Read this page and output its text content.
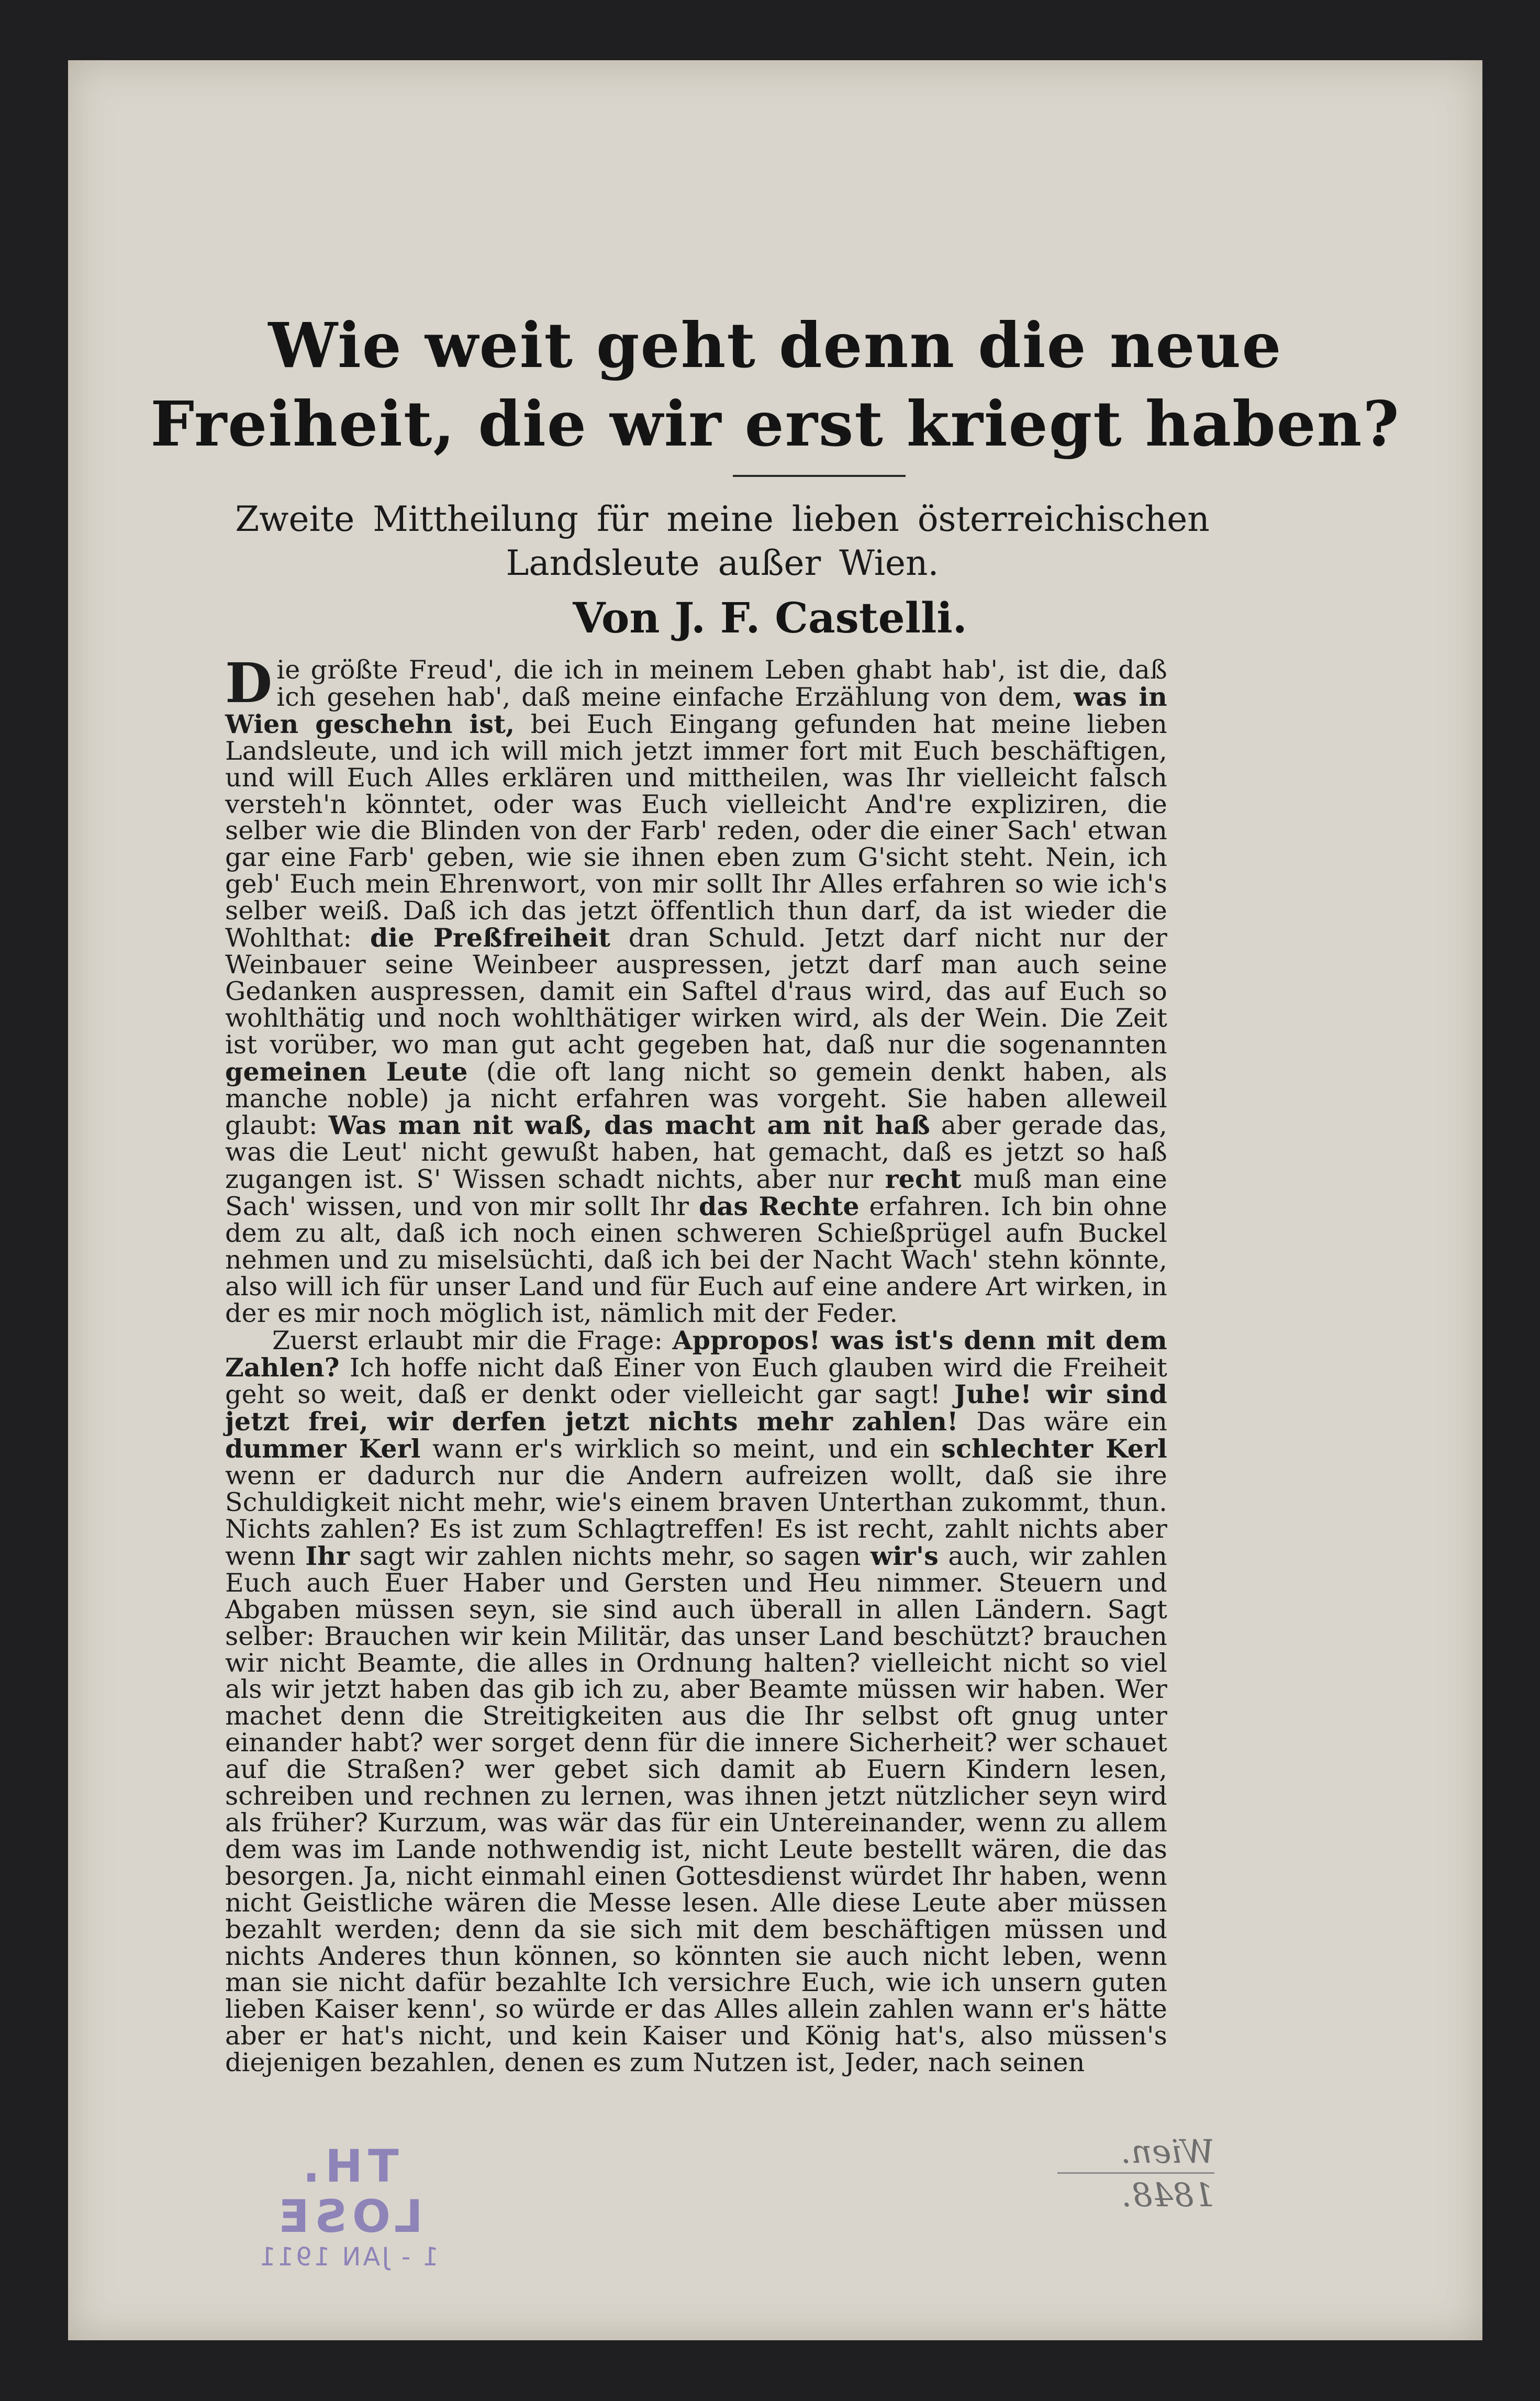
Wie weit geht denn die neue
Freiheit, die wir erst kriegt haben?
Zweite Mittheilung für meine lieben österreichischen Landsleute außer Wien.
Von J. F. Castelli.

Die größte Freud', die ich in meinem Leben ghabt hab', ist die, daß ich gesehen hab', daß meine einfache Erzählung von dem, was in Wien geschehn ist, bei Euch Eingang gefunden hat meine lieben Landsleute, und ich will mich jetzt immer fort mit Euch beschäftigen, und will Euch Alles erklären und mittheilen, was Ihr vielleicht falsch versteh'n könntet, oder was Euch vielleicht And're expliziren, die selber wie die Blinden von der Farb' reden, oder die einer Sach' etwan gar eine Farb' geben, wie sie ihnen eben zum G'sicht steht. Nein, ich geb' Euch mein Ehrenwort, von mir sollt Ihr Alles erfahren so wie ich's selber weiß. Daß ich das jetzt öffentlich thun darf, da ist wieder die Wohlthat: die Preßfreiheit dran Schuld. Jetzt darf nicht nur der Weinbauer seine Weinbeer auspressen, jetzt darf man auch seine Gedanken auspressen, damit ein Saftel d'raus wird, das auf Euch so wohlthätig und noch wohlthätiger wirken wird, als der Wein. Die Zeit ist vorüber, wo man gut acht gegeben hat, daß nur die sogenannten gemeinen Leute (die oft lang nicht so gemein denkt haben, als manche noble) ja nicht erfahren was vorgeht. Sie haben alleweil glaubt: Was man nit waß, das macht am nit haß aber gerade das, was die Leut' nicht gewußt haben, hat gemacht, daß es jetzt so haß zugangen ist. S' Wissen schadt nichts, aber nur recht muß man eine Sach' wissen, und von mir sollt Ihr das Rechte erfahren. Ich bin ohne dem zu alt, daß ich noch einen schweren Schießprügel aufn Buckel nehmen und zu miselsüchti, daß ich bei der Nacht Wach' stehn könnte, also will ich für unser Land und für Euch auf eine andere Art wirken, in der es mir noch möglich ist, nämlich mit der Feder.

Zuerst erlaubt mir die Frage: Appropos! was ist's denn mit dem Zahlen? Ich hoffe nicht daß Einer von Euch glauben wird die Freiheit geht so weit, daß er denkt oder vielleicht gar sagt! Juhe! wir sind jetzt frei, wir derfen jetzt nichts mehr zahlen! Das wäre ein dummer Kerl wann er's wirklich so meint, und ein schlechter Kerl wenn er dadurch nur die Andern aufreizen wollt, daß sie ihre Schuldigkeit nicht mehr, wie's einem braven Unterthan zukommt, thun. Nichts zahlen? Es ist zum Schlagtreffen! Es ist recht, zahlt nichts aber wenn Ihr sagt wir zahlen nichts mehr, so sagen wir's auch, wir zahlen Euch auch Euer Haber und Gersten und Heu nimmer. Steuern und Abgaben müssen seyn, sie sind auch überall in allen Ländern. Sagt selber: Brauchen wir kein Militär, das unser Land beschützt? brauchen wir nicht Beamte, die alles in Ordnung halten? vielleicht nicht so viel als wir jetzt haben das gib ich zu, aber Beamte müssen wir haben. Wer machet denn die Streitigkeiten aus die Ihr selbst oft gnug unter einander habt? wer sorget denn für die innere Sicherheit? wer schauet auf die Straßen? wer gebet sich damit ab Euern Kindern lesen, schreiben und rechnen zu lernen, was ihnen jetzt nützlicher seyn wird als früher? Kurzum, was wär das für ein Untereinander, wenn zu allem dem was im Lande nothwendig ist, nicht Leute bestellt wären, die das besorgen. Ja, nicht einmahl einen Gottesdienst würdet Ihr haben, wenn nicht Geistliche wären die Messe lesen. Alle diese Leute aber müssen bezahlt werden; denn da sie sich mit dem beschäftigen müssen und nichts Anderes thun können, so könnten sie auch nicht leben, wenn man sie nicht dafür bezahlte Ich versichre Euch, wie ich unsern guten lieben Kaiser kenn', so würde er das Alles allein zahlen wann er's hätte aber er hat's nicht, und kein Kaiser und König hat's, also müssen's diejenigen bezahlen, denen es zum Nutzen ist, Jeder, nach seinen

TH. LOSE
1 - JAN 1911
Wien.
1848.
